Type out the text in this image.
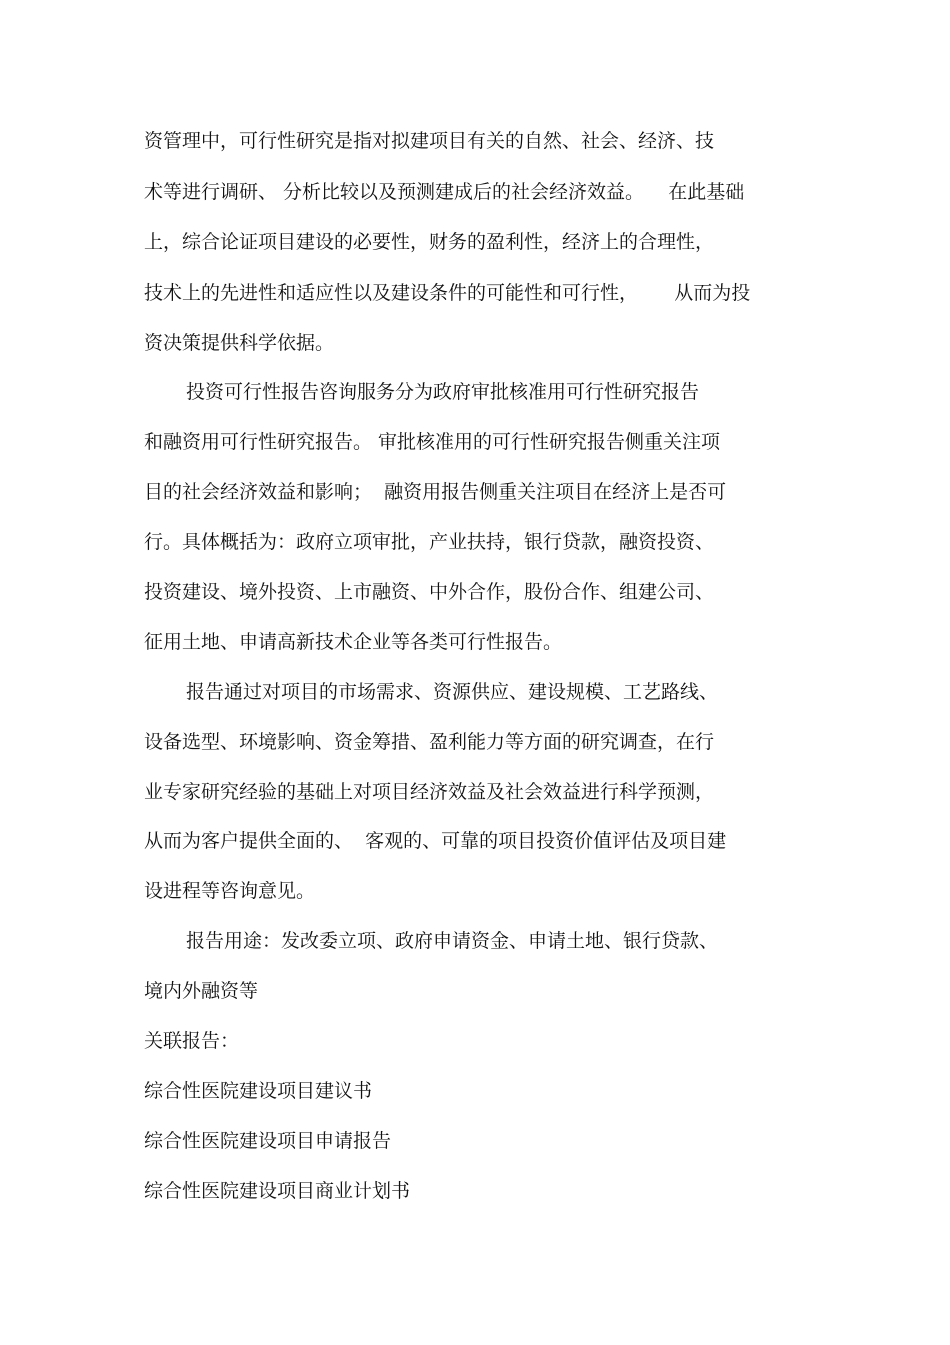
资管理中，可行性研究是指对拟建项目有关的自然、社会、经济、技

术等进行调研、 分析比较以及预测建成后的社会经济效益。    在此基础

上，综合论证项目建设的必要性，财务的盈利性，经济上的合理性，

技术上的先进性和适应性以及建设条件的可能性和可行性，      从而为投

资决策提供科学依据。

投资可行性报告咨询服务分为政府审批核准用可行性研究报告

和融资用可行性研究报告。 审批核准用的可行性研究报告侧重关注项

目的社会经济效益和影响；  融资用报告侧重关注项目在经济上是否可

行。具体概括为：政府立项审批，产业扶持，银行贷款，融资投资、

投资建设、境外投资、上市融资、中外合作，股份合作、组建公司、

征用土地、申请高新技术企业等各类可行性报告。

报告通过对项目的市场需求、资源供应、建设规模、工艺路线、

设备选型、环境影响、资金筹措、盈利能力等方面的研究调查，在行

业专家研究经验的基础上对项目经济效益及社会效益进行科学预测，

从而为客户提供全面的、  客观的、可靠的项目投资价值评估及项目建

设进程等咨询意见。

报告用途：发改委立项、政府申请资金、申请土地、银行贷款、

境内外融资等

关联报告：

综合性医院建设项目建议书

综合性医院建设项目申请报告

综合性医院建设项目商业计划书
